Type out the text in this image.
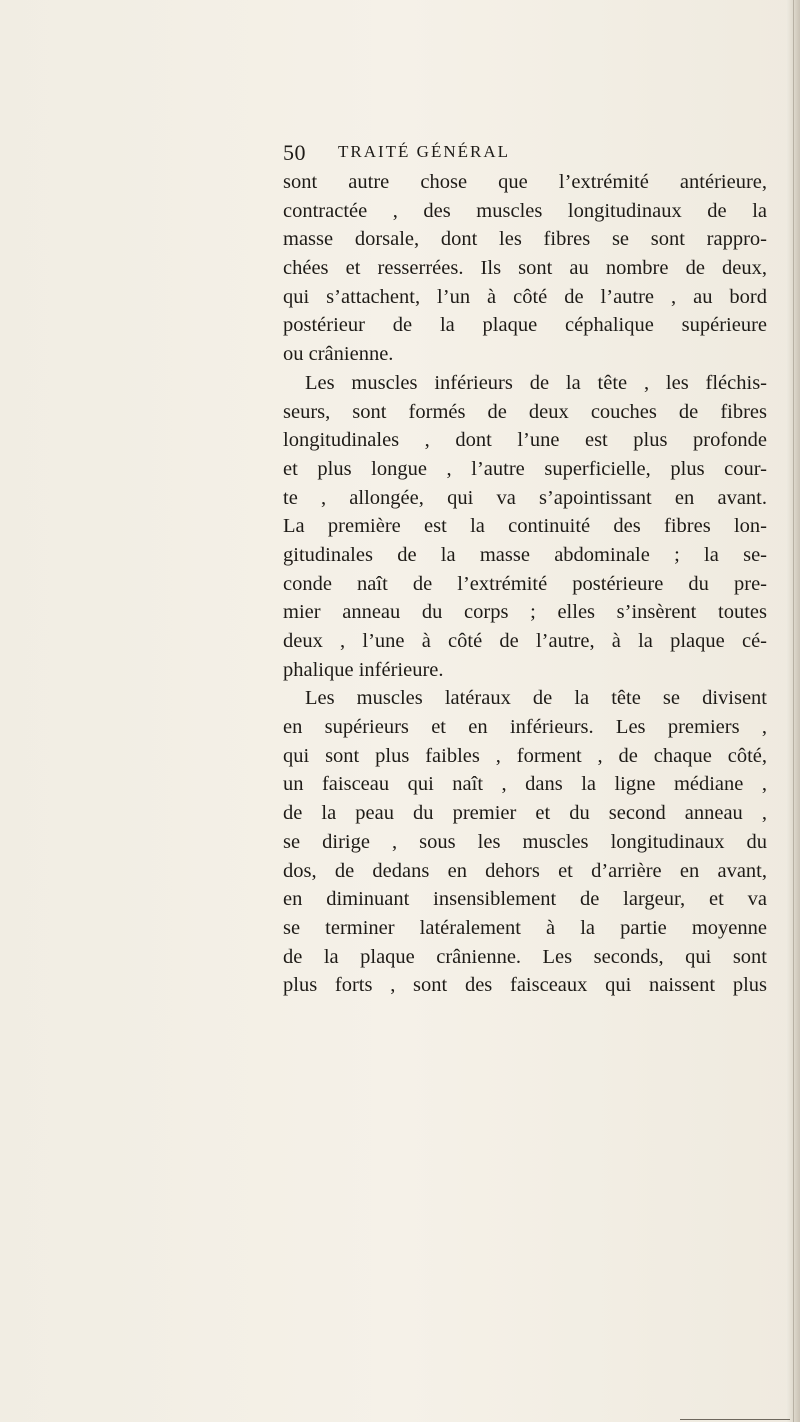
50 TRAITÉ GÉNÉRAL
sont autre chose que l’extrémité antérieure,
contractée , des muscles longitudinaux de la
masse dorsale, dont les fibres se sont rappro-
chées et resserrées. Ils sont au nombre de deux,
qui s’attachent, l’un à côté de l’autre , au bord
postérieur de la plaque céphalique supérieure
ou crânienne.
Les muscles inférieurs de la tête , les fléchis-
seurs, sont formés de deux couches de fibres
longitudinales , dont l’une est plus profonde
et plus longue , l’autre superficielle, plus cour-
te , allongée, qui va s’apointissant en avant.
La première est la continuité des fibres lon-
gitudinales de la masse abdominale ; la se-
conde naît de l’extrémité postérieure du pre-
mier anneau du corps ; elles s’insèrent toutes
deux , l’une à côté de l’autre, à la plaque cé-
phalique inférieure.
Les muscles latéraux de la tête se divisent
en supérieurs et en inférieurs. Les premiers ,
qui sont plus faibles , forment , de chaque côté,
un faisceau qui naît , dans la ligne médiane ,
de la peau du premier et du second anneau ,
se dirige , sous les muscles longitudinaux du
dos, de dedans en dehors et d’arrière en avant,
en diminuant insensiblement de largeur, et va
se terminer latéralement à la partie moyenne
de la plaque crânienne. Les seconds, qui sont
plus forts , sont des faisceaux qui naissent plus
